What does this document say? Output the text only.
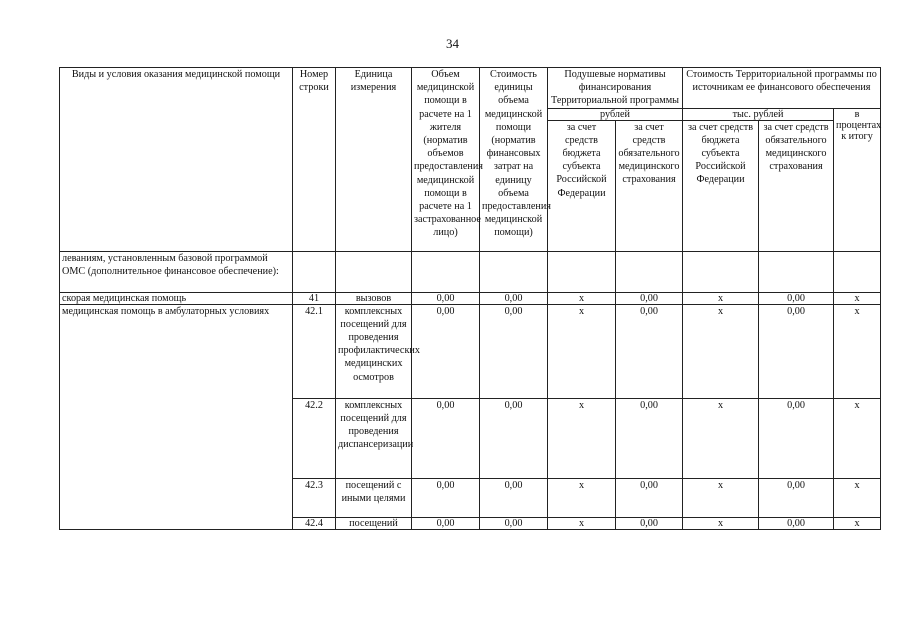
34
Виды и условия оказания медицинской помощи	Номер строки	Единица измерения	Объем медицинской помощи в расчете на 1 жителя (норматив объемов предоставления медицинской помощи в расчете на 1 застрахованное лицо)	Стоимость единицы объема медицинской помощи (норматив финансовых затрат на единицу объема предоставления медицинской помощи)	Подушевые нормативы финансирования Территориальной программы		Стоимость Территориальной программы по источникам ее финансового обеспечения		
					рублей		тыс. рублей		в процентах к итогу
					за счет средств бюджета субъекта Российской Федерации	за счет средств обязательного медицинского страхования	за счет средств бюджета субъекта Российской Федерации	за счет средств обязательного медицинского страхования	
леваниям, установленным базовой программой ОМС (дополнительное финансовое обеспечение):									
скорая медицинская помощь	41	вызовов	0,00	0,00	х	0,00	х	0,00	х
медицинская помощь в амбулаторных условиях	42.1	комплексных посещений для проведения профилактических медицинских осмотров	0,00	0,00	х	0,00	х	0,00	х
	42.2	комплексных посещений для проведения диспансеризации	0,00	0,00	х	0,00	х	0,00	х
	42.3	посещений с иными целями	0,00	0,00	х	0,00	х	0,00	х
	42.4	посещений	0,00	0,00	х	0,00	х	0,00	х
